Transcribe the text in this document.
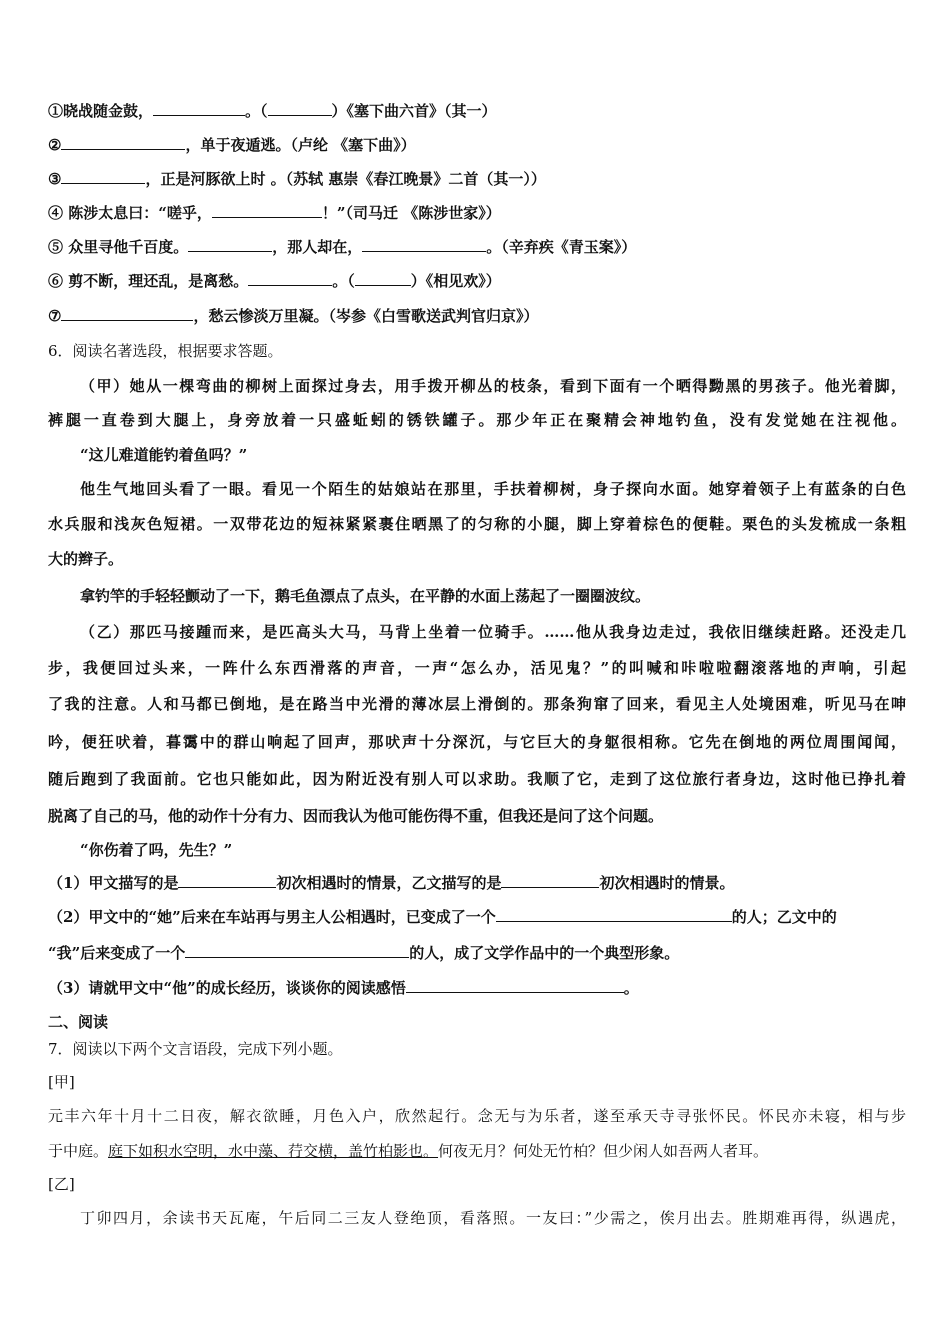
①晓战随金鼓，	。（	）《塞下曲六首》（其一）
②	，单于夜遁逃。（卢纶 《塞下曲》）
③	，正是河豚欲上时 。（苏轼 惠崇《春江晚景》二首（其一））
④ 陈涉太息曰：“嗟乎，	！”（司马迁 《陈涉世家》）
⑤ 众里寻他千百度。	，那人却在，	。（辛弃疾《青玉案》）
⑥ 剪不断，理还乱，是离愁。	。（	）《相见欢》）
⑦	，愁云惨淡万里凝。（岑参《白雪歌送武判官归京》）
6．阅读名著选段，根据要求答题。
（甲）她从一棵弯曲的柳树上面探过身去，用手拨开柳丛的枝条，看到下面有一个晒得黝黑的男孩子。他光着脚，
裤腿一直卷到大腿上，身旁放着一只盛蚯蚓的锈铁罐子。那少年正在聚精会神地钓鱼，没有发觉她在注视他。
“这儿难道能钓着鱼吗？”
他生气地回头看了一眼。看见一个陌生的姑娘站在那里，手扶着柳树，身子探向水面。她穿着领子上有蓝条的白色
水兵服和浅灰色短裙。一双带花边的短袜紧紧裹住晒黑了的匀称的小腿，脚上穿着棕色的便鞋。栗色的头发梳成一条粗
大的辫子。
拿钓竿的手轻轻颤动了一下，鹅毛鱼漂点了点头，在平静的水面上荡起了一圈圈波纹。
（乙）那匹马接踵而来，是匹高头大马，马背上坐着一位骑手。……他从我身边走过，我依旧继续赶路。还没走几
步，我便回过头来，一阵什么东西滑落的声音，一声“怎么办，活见鬼？”的叫喊和咔啦啦翻滚落地的声响，引起
了我的注意。人和马都已倒地，是在路当中光滑的薄冰层上滑倒的。那条狗窜了回来，看见主人处境困难，听见马在呻
吟，便狂吠着，暮霭中的群山响起了回声，那吠声十分深沉，与它巨大的身躯很相称。它先在倒地的两位周围闻闻，
随后跑到了我面前。它也只能如此，因为附近没有别人可以求助。我顺了它，走到了这位旅行者身边，这时他已挣扎着
脱离了自己的马，他的动作十分有力、因而我认为他可能伤得不重，但我还是问了这个问题。
“你伤着了吗，先生？”
（1）甲文描写的是	初次相遇时的情景，乙文描写的是	初次相遇时的情景。
（2）甲文中的“她”后来在车站再与男主人公相遇时，已变成了一个	的人；乙文中的
“我”后来变成了一个	的人，成了文学作品中的一个典型形象。
（3）请就甲文中“他”的成长经历，谈谈你的阅读感悟	。
二、阅读
7．阅读以下两个文言语段，完成下列小题。
[甲]
元丰六年十月十二日夜，解衣欲睡，月色入户，欣然起行。念无与为乐者，遂至承天寺寻张怀民。怀民亦未寝，相与步
于中庭。庭下如积水空明，水中藻、荇交横，盖竹柏影也。何夜无月？何处无竹柏？但少闲人如吾两人者耳。
[乙]
丁卯四月，余读书天瓦庵，午后同二三友人登绝顶，看落照。一友曰：”少需之，俟月出去。胜期难再得，纵遇虎，
